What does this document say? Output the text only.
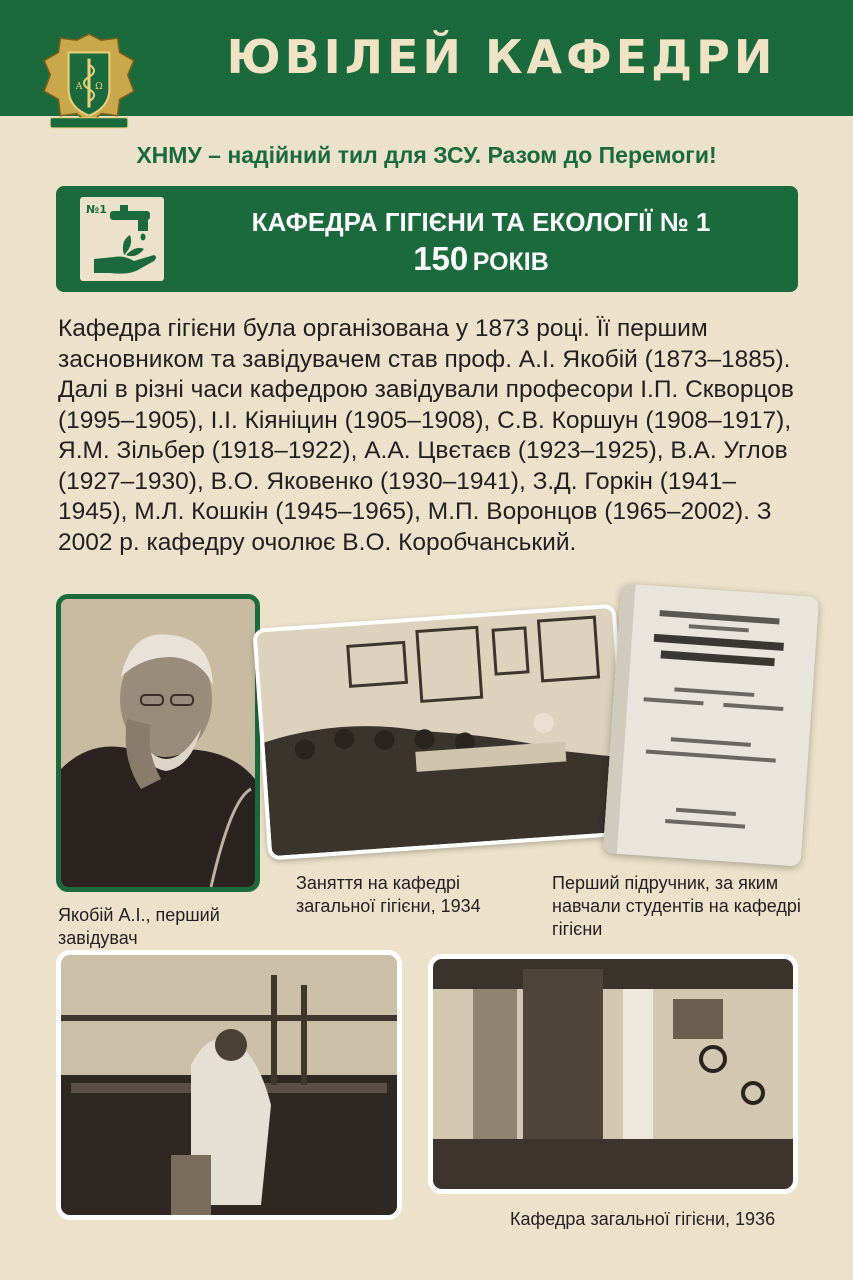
A Ω
ЮВІЛЕЙ КАФЕДРИ
ХНМУ – надійний тил для ЗСУ. Разом до Перемоги!
№1	КАФЕДРА ГІГІЄНИ ТА ЕКОЛОГІЇ № 1
150 РОКІВ
Кафедра гігієни була організована у 1873 році. Її першим засновником та завідувачем став проф. А.І. Якобій (1873–1885). Далі в різні часи кафедрою завідували професори І.П. Скворцов (1995–1905), І.І. Кіяніцин (1905–1908), С.В. Коршун (1908–1917), Я.М. Зільбер (1918–1922), А.А. Цвєтаєв (1923–1925), В.А. Углов (1927–1930), В.О. Яковенко (1930–1941), З.Д. Горкін (1941–1945), М.Л. Кошкін (1945–1965), М.П. Воронцов (1965–2002). З 2002 р. кафедру очолює В.О. Коробчанський.
Якобій А.І., перший завідувач
Заняття на кафедрі загальної гігієни, 1934
Перший підручник, за яким навчали студентів на кафедрі гігієни
Кафедра загальної гігієни, 1936
